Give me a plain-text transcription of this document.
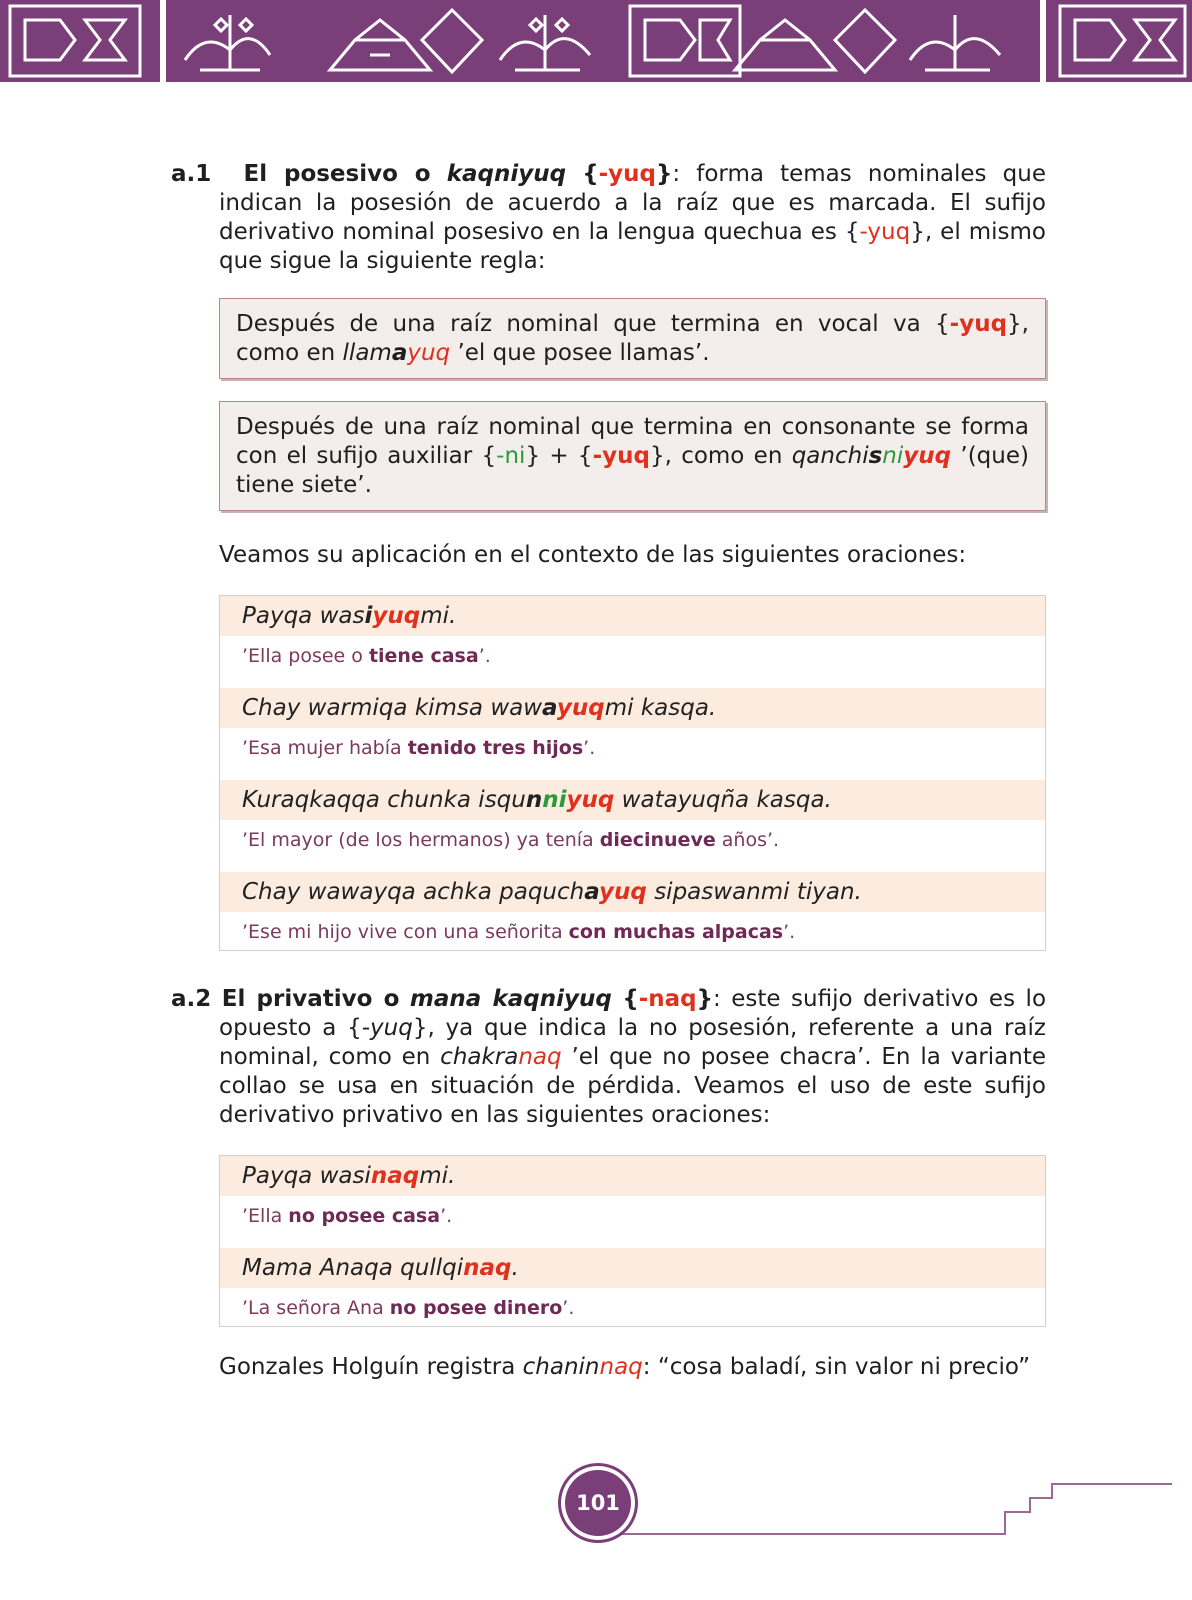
a.1 El posesivo o kaqniyuq {-yuq}: forma temas nominales que indican la posesión de acuerdo a la raíz que es marcada. El sufijo derivativo nominal posesivo en la lengua quechua es {-yuq}, el mismo que sigue la siguiente regla:

Después de una raíz nominal que termina en vocal va {-yuq}, como en llamayuq ’el que posee llamas’.
Después de una raíz nominal que termina en consonante se forma con el sufijo auxiliar {-ni} + {-yuq}, como en qanchisniyuq ’(que) tiene siete’.

Veamos su aplicación en el contexto de las siguientes oraciones:

Payqa wasiyuqmi.
’Ella posee o tiene casa’.
Chay warmiqa kimsa wawayuqmi kasqa.
’Esa mujer había tenido tres hijos’.
Kuraqkaqqa chunka isqunniyuq watayuqña kasqa.
’El mayor (de los hermanos) ya tenía diecinueve años’.
Chay wawayqa achka paquchayuq sipaswanmi tiyan.
’Ese mi hijo vive con una señorita con muchas alpacas’.

a.2 El privativo o mana kaqniyuq {-naq}: este sufijo derivativo es lo opuesto a {-yuq}, ya que indica la no posesión, referente a una raíz nominal, como en chakranaq ’el que no posee chacra’. En la variante collao se usa en situación de pérdida. Veamos el uso de este sufijo derivativo privativo en las siguientes oraciones:

Payqa wasinaqmi.
’Ella no posee casa’.
Mama Anaqa qullqinaq.
’La señora Ana no posee dinero’.

Gonzales Holguín registra chaninnaq: “cosa baladí, sin valor ni precio”

101
